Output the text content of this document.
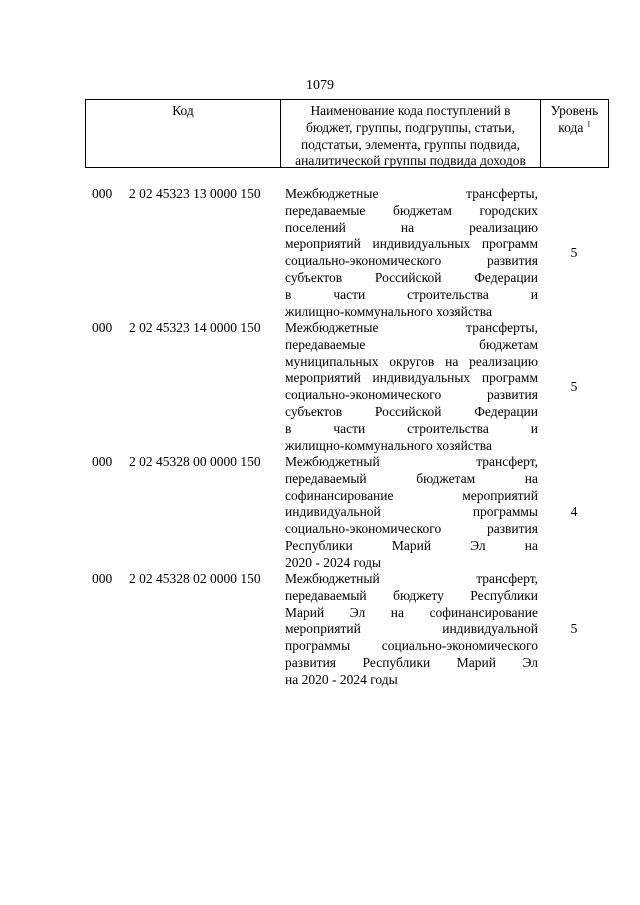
1079
Код	Наименование кода поступлений в
бюджет, группы, подгруппы, статьи,
подстатьи, элемента, группы подвида,
аналитической группы подвида доходов
Уровень
кода $^1$
000	2 02 45323 13 0000 150	Межбюджетные трансферты,
передаваемые бюджетам городских
поселений на реализацию
мероприятий индивидуальных программ
социально-экономического развития
субъектов Российской Федерации
в части строительства и
жилищно-коммунального хозяйства
5
000	2 02 45323 14 0000 150	Межбюджетные трансферты,
передаваемые бюджетам
муниципальных округов на реализацию
мероприятий индивидуальных программ
социально-экономического развития
субъектов Российской Федерации
в части строительства и
жилищно-коммунального хозяйства
5
000	2 02 45328 00 0000 150	Межбюджетный трансферт,
передаваемый бюджетам на
софинансирование мероприятий
индивидуальной программы
социально-экономического развития
Республики Марий Эл на
2020 - 2024 годы
4
000	2 02 45328 02 0000 150	Межбюджетный трансферт,
передаваемый бюджету Республики
Марий Эл на софинансирование
мероприятий индивидуальной
программы социально-экономического
развития Республики Марий Эл
на 2020 - 2024 годы
5
